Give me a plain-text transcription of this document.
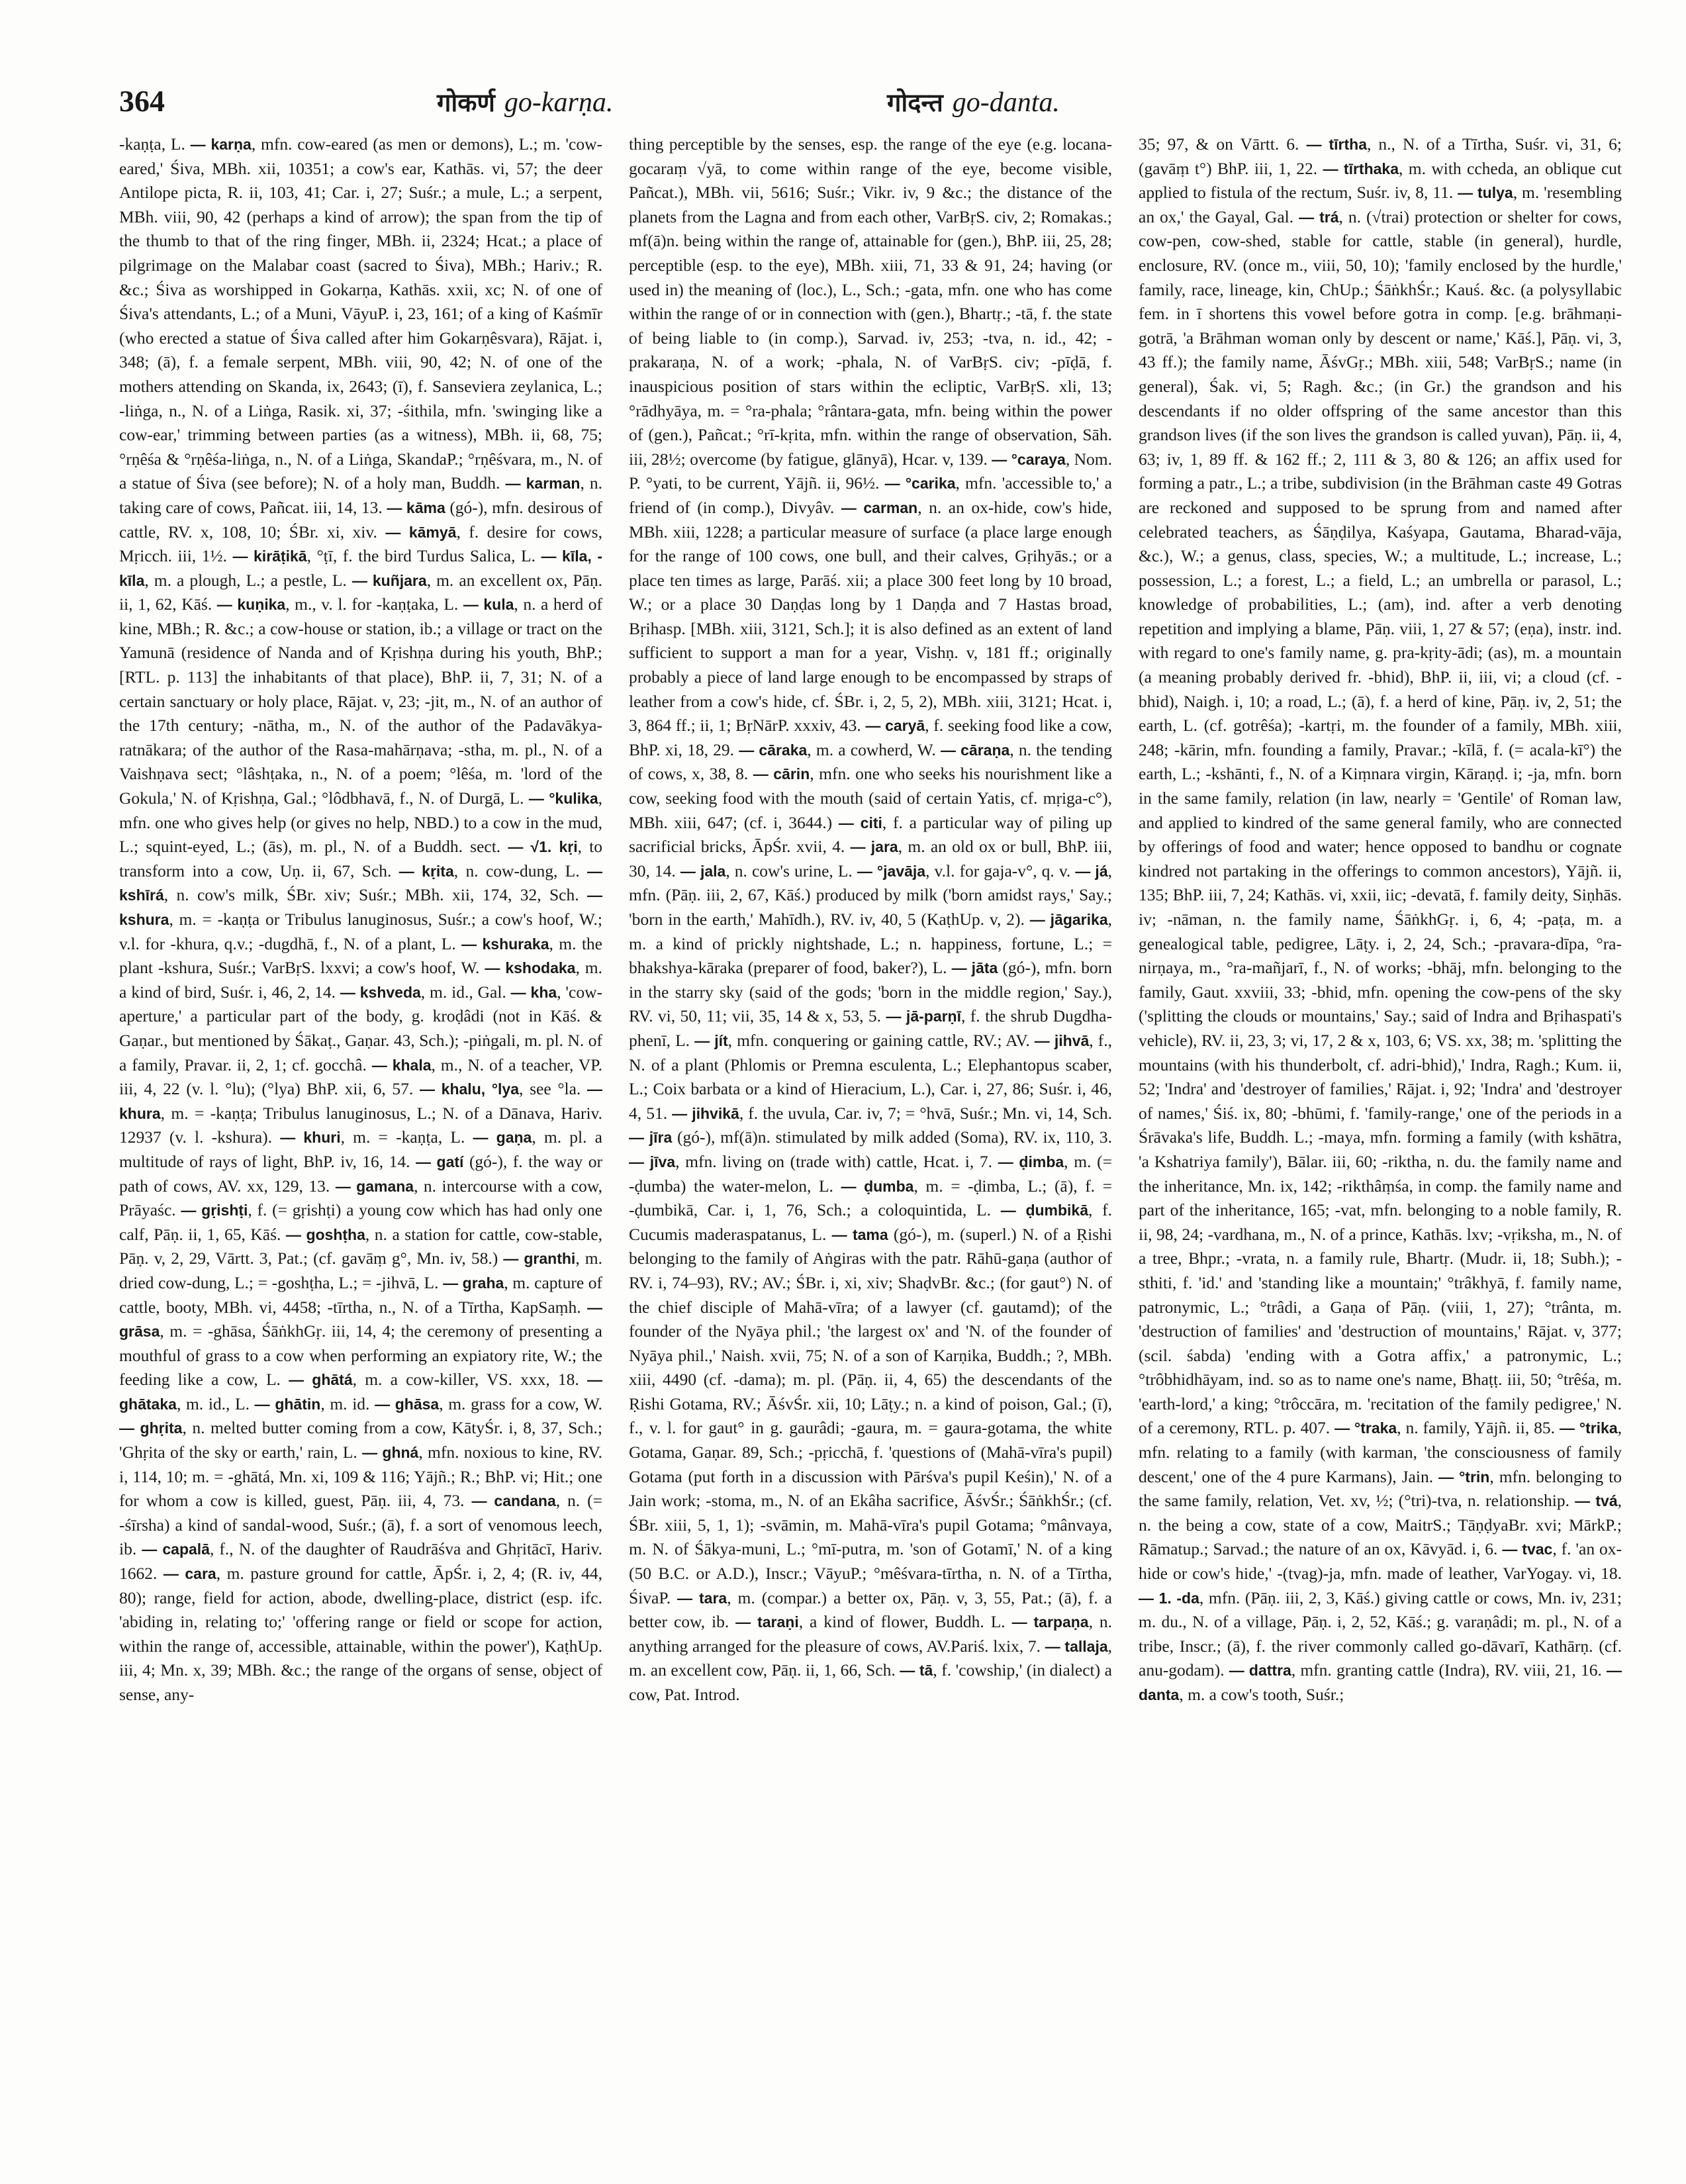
364	गोकर्ण go-karṇa.	गोदन्त go-danta.

-kaṇṭa, L. — karṇa, mfn. cow-eared (as men or demons), L.; m. 'cow-eared,' Śiva, MBh. xii, 10351; a cow's ear, Kathās. vi, 57; the deer Antilope picta, R. ii, 103, 41; Car. i, 27; Suśr.; a mule, L.; a serpent, MBh. viii, 90, 42 (perhaps a kind of arrow); the span from the tip of the thumb to that of the ring finger, MBh. ii, 2324; Hcat.; a place of pilgrimage on the Malabar coast (sacred to Śiva), MBh.; Hariv.; R. &c.; Śiva as worshipped in Gokarṇa, Kathās. xxii, xc; N. of one of Śiva's attendants, L.; of a Muni, VāyuP. i, 23, 161; of a king of Kaśmīr (who erected a statue of Śiva called after him Gokarṇêsvara), Rājat. i, 348; (ā), f. a female serpent, MBh. viii, 90, 42; N. of one of the mothers attending on Skanda, ix, 2643; (ī), f. Sanseviera zeylanica, L.; -liṅga, n., N. of a Liṅga, Rasik. xi, 37; -śithila, mfn. 'swinging like a cow-ear,' trimming between parties (as a witness), MBh. ii, 68, 75; °rṇêśa & °rṇêśa-liṅga, n., N. of a Liṅga, SkandaP.; °rṇêśvara, m., N. of a statue of Śiva (see before); N. of a holy man, Buddh. — karman, n. taking care of cows, Pañcat. iii, 14, 13. — kāma (gó-), mfn. desirous of cattle, RV. x, 108, 10; ŚBr. xi, xiv. — kāmyā, f. desire for cows, Mṛicch. iii, 1½. — kirāṭikā, °ṭī, f. the bird Turdus Salica, L. — kīla, -kīla, m. a plough, L.; a pestle, L. — kuñjara, m. an excellent ox, Pāṇ. ii, 1, 62, Kāś. — kuṇika, m., v. l. for -kaṇṭaka, L. — kula, n. a herd of kine, MBh.; R. &c.; a cow-house or station, ib.; a village or tract on the Yamunā (residence of Nanda and of Kṛishṇa during his youth, BhP.; [RTL. p. 113] the inhabitants of that place), BhP. ii, 7, 31; N. of a certain sanctuary or holy place, Rājat. v, 23; -jit, m., N. of an author of the 17th century; -nātha, m., N. of the author of the Padavākya-ratnākara; of the author of the Rasa-mahārṇava; -stha, m. pl., N. of a Vaishṇava sect; °lâshṭaka, n., N. of a poem; °lêśa, m. 'lord of the Gokula,' N. of Kṛishṇa, Gal.; °lôdbhavā, f., N. of Durgā, L. — °kulika, mfn. one who gives help (or gives no help, NBD.) to a cow in the mud, L.; squint-eyed, L.; (ās), m. pl., N. of a Buddh. sect. — √1. kṛi, to transform into a cow, Uṇ. ii, 67, Sch. — kṛita, n. cow-dung, L. — kshīrá, n. cow's milk, ŚBr. xiv; Suśr.; MBh. xii, 174, 32, Sch. — kshura, m. = -kaṇṭa or Tribulus lanuginosus, Suśr.; a cow's hoof, W.; v.l. for -khura, q.v.; -dugdhā, f., N. of a plant, L. — kshuraka, m. the plant -kshura, Suśr.; VarBṛS. lxxvi; a cow's hoof, W. — kshodaka, m. a kind of bird, Suśr. i, 46, 2, 14. — kshveda, m. id., Gal. — kha, 'cow-aperture,' a particular part of the body, g. kroḍâdi (not in Kāś. & Gaṇar., but mentioned by Śākaṭ., Gaṇar. 43, Sch.); -piṅgali, m. pl. N. of a family, Pravar. ii, 2, 1; cf. gocchâ. — khala, m., N. of a teacher, VP. iii, 4, 22 (v. l. °lu); (°lya) BhP. xii, 6, 57. — khalu, °lya, see °la. — khura, m. = -kaṇṭa; Tribulus lanuginosus, L.; N. of a Dānava, Hariv. 12937 (v. l. -kshura). — khuri, m. = -kaṇṭa, L. — gaṇa, m. pl. a multitude of rays of light, BhP. iv, 16, 14. — gatí (gó-), f. the way or path of cows, AV. xx, 129, 13. — gamana, n. intercourse with a cow, Prāyaśc. — gṛishṭi, f. (= gṛishṭi) a young cow which has had only one calf, Pāṇ. ii, 1, 65, Kāś. — goshṭha, n. a station for cattle, cow-stable, Pāṇ. v, 2, 29, Vārtt. 3, Pat.; (cf. gavāṃ g°, Mn. iv, 58.) — granthi, m. dried cow-dung, L.; = -goshṭha, L.; = -jihvā, L. — graha, m. capture of cattle, booty, MBh. vi, 4458; -tīrtha, n., N. of a Tīrtha, KapSaṃh. — grāsa, m. = -ghāsa, ŚāṅkhGṛ. iii, 14, 4; the ceremony of presenting a mouthful of grass to a cow when performing an expiatory rite, W.; the feeding like a cow, L. — ghātá, m. a cow-killer, VS. xxx, 18. — ghātaka, m. id., L. — ghātin, m. id. — ghāsa, m. grass for a cow, W. — ghṛita, n. melted butter coming from a cow, KātyŚr. i, 8, 37, Sch.; 'Ghṛita of the sky or earth,' rain, L. — ghná, mfn. noxious to kine, RV. i, 114, 10; m. = -ghātá, Mn. xi, 109 & 116; Yājñ.; R.; BhP. vi; Hit.; one for whom a cow is killed, guest, Pāṇ. iii, 4, 73. — candana, n. (= -śīrsha) a kind of sandal-wood, Suśr.; (ā), f. a sort of venomous leech, ib. — capalā, f., N. of the daughter of Raudrāśva and Ghṛitācī, Hariv. 1662. — cara, m. pasture ground for cattle, ĀpŚr. i, 2, 4; (R. iv, 44, 80); range, field for action, abode, dwelling-place, district (esp. ifc. 'abiding in, relating to;' 'offering range or field or scope for action, within the range of, accessible, attainable, within the power'), KaṭhUp. iii, 4; Mn. x, 39; MBh. &c.; the range of the organs of sense, object of sense, any-

thing perceptible by the senses, esp. the range of the eye (e.g. locana-gocaraṃ √yā, to come within range of the eye, become visible, Pañcat.), MBh. vii, 5616; Suśr.; Vikr. iv, 9 &c.; the distance of the planets from the Lagna and from each other, VarBṛS. civ, 2; Romakas.; mf(ā)n. being within the range of, attainable for (gen.), BhP. iii, 25, 28; perceptible (esp. to the eye), MBh. xiii, 71, 33 & 91, 24; having (or used in) the meaning of (loc.), L., Sch.; -gata, mfn. one who has come within the range of or in connection with (gen.), Bhartṛ.; -tā, f. the state of being liable to (in comp.), Sarvad. iv, 253; -tva, n. id., 42; -prakaraṇa, N. of a work; -phala, N. of VarBṛS. civ; -pīḍā, f. inauspicious position of stars within the ecliptic, VarBṛS. xli, 13; °rādhyāya, m. = °ra-phala; °rântara-gata, mfn. being within the power of (gen.), Pañcat.; °rī-kṛita, mfn. within the range of observation, Sāh. iii, 28½; overcome (by fatigue, glānyā), Hcar. v, 139. — °caraya, Nom. P. °yati, to be current, Yājñ. ii, 96½. — °carika, mfn. 'accessible to,' a friend of (in comp.), Divyâv. — carman, n. an ox-hide, cow's hide, MBh. xiii, 1228; a particular measure of surface (a place large enough for the range of 100 cows, one bull, and their calves, Gṛihyās.; or a place ten times as large, Parāś. xii; a place 300 feet long by 10 broad, W.; or a place 30 Daṇḍas long by 1 Daṇḍa and 7 Hastas broad, Bṛihasp. [MBh. xiii, 3121, Sch.]; it is also defined as an extent of land sufficient to support a man for a year, Vishṇ. v, 181 ff.; originally probably a piece of land large enough to be encompassed by straps of leather from a cow's hide, cf. ŚBr. i, 2, 5, 2), MBh. xiii, 3121; Hcat. i, 3, 864 ff.; ii, 1; BṛNārP. xxxiv, 43. — caryā, f. seeking food like a cow, BhP. xi, 18, 29. — cāraka, m. a cowherd, W. — cāraṇa, n. the tending of cows, x, 38, 8. — cārin, mfn. one who seeks his nourishment like a cow, seeking food with the mouth (said of certain Yatis, cf. mṛiga-c°), MBh. xiii, 647; (cf. i, 3644.) — citi, f. a particular way of piling up sacrificial bricks, ĀpŚr. xvii, 4. — jara, m. an old ox or bull, BhP. iii, 30, 14. — jala, n. cow's urine, L. — °javāja, v.l. for gaja-v°, q. v. — já, mfn. (Pāṇ. iii, 2, 67, Kāś.) produced by milk ('born amidst rays,' Say.; 'born in the earth,' Mahīdh.), RV. iv, 40, 5 (KaṭhUp. v, 2). — jāgarika, m. a kind of prickly nightshade, L.; n. happiness, fortune, L.; = bhakshya-kāraka (preparer of food, baker?), L. — jāta (gó-), mfn. born in the starry sky (said of the gods; 'born in the middle region,' Say.), RV. vi, 50, 11; vii, 35, 14 & x, 53, 5. — jā-parṇī, f. the shrub Dugdha-phenī, L. — jít, mfn. conquering or gaining cattle, RV.; AV. — jihvā, f., N. of a plant (Phlomis or Premna esculenta, L.; Elephantopus scaber, L.; Coix barbata or a kind of Hieracium, L.), Car. i, 27, 86; Suśr. i, 46, 4, 51. — jihvikā, f. the uvula, Car. iv, 7; = °hvā, Suśr.; Mn. vi, 14, Sch. — jīra (gó-), mf(ā)n. stimulated by milk added (Soma), RV. ix, 110, 3. — jīva, mfn. living on (trade with) cattle, Hcat. i, 7. — ḍimba, m. (= -ḍumba) the water-melon, L. — ḍumba, m. = -ḍimba, L.; (ā), f. = -ḍumbikā, Car. i, 1, 76, Sch.; a coloquintida, L. — ḍumbikā, f. Cucumis maderaspatanus, L. — tama (gó-), m. (superl.) N. of a Ṛishi belonging to the family of Aṅgiras with the patr. Rāhū-gaṇa (author of RV. i, 74–93), RV.; AV.; ŚBr. i, xi, xiv; ShaḍvBr. &c.; (for gaut°) N. of the chief disciple of Mahā-vīra; of a lawyer (cf. gautamd); of the founder of the Nyāya phil.; 'the largest ox' and 'N. of the founder of Nyāya phil.,' Naish. xvii, 75; N. of a son of Karṇika, Buddh.; ?, MBh. xiii, 4490 (cf. -dama); m. pl. (Pāṇ. ii, 4, 65) the descendants of the Ṛishi Gotama, RV.; ĀśvŚr. xii, 10; Lāṭy.; n. a kind of poison, Gal.; (ī), f., v. l. for gaut° in g. gaurâdi; -gaura, m. = gaura-gotama, the white Gotama, Gaṇar. 89, Sch.; -pṛicchā, f. 'questions of (Mahā-vīra's pupil) Gotama (put forth in a discussion with Pārśva's pupil Keśin),' N. of a Jain work; -stoma, m., N. of an Ekâha sacrifice, ĀśvŚr.; ŚāṅkhŚr.; (cf. ŚBr. xiii, 5, 1, 1); -svāmin, m. Mahā-vīra's pupil Gotama; °mânvaya, m. N. of Śākya-muni, L.; °mī-putra, m. 'son of Gotamī,' N. of a king (50 B.C. or A.D.), Inscr.; VāyuP.; °mêśvara-tīrtha, n. N. of a Tīrtha, ŚivaP. — tara, m. (compar.) a better ox, Pāṇ. v, 3, 55, Pat.; (ā), f. a better cow, ib. — taraṇi, a kind of flower, Buddh. L. — tarpaṇa, n. anything arranged for the pleasure of cows, AV.Pariś. lxix, 7. — tallaja, m. an excellent cow, Pāṇ. ii, 1, 66, Sch. — tā, f. 'cowship,' (in dialect) a cow, Pat. Introd.

35; 97, & on Vārtt. 6. — tīrtha, n., N. of a Tīrtha, Suśr. vi, 31, 6; (gavāṃ t°) BhP. iii, 1, 22. — tīrthaka, m. with ccheda, an oblique cut applied to fistula of the rectum, Suśr. iv, 8, 11. — tulya, m. 'resembling an ox,' the Gayal, Gal. — trá, n. (√trai) protection or shelter for cows, cow-pen, cow-shed, stable for cattle, stable (in general), hurdle, enclosure, RV. (once m., viii, 50, 10); 'family enclosed by the hurdle,' family, race, lineage, kin, ChUp.; ŚāṅkhŚr.; Kauś. &c. (a polysyllabic fem. in ī shortens this vowel before gotra in comp. [e.g. brāhmaṇi-gotrā, 'a Brāhman woman only by descent or name,' Kāś.], Pāṇ. vi, 3, 43 ff.); the family name, ĀśvGṛ.; MBh. xiii, 548; VarBṛS.; name (in general), Śak. vi, 5; Ragh. &c.; (in Gr.) the grandson and his descendants if no older offspring of the same ancestor than this grandson lives (if the son lives the grandson is called yuvan), Pāṇ. ii, 4, 63; iv, 1, 89 ff. & 162 ff.; 2, 111 & 3, 80 & 126; an affix used for forming a patr., L.; a tribe, subdivision (in the Brāhman caste 49 Gotras are reckoned and supposed to be sprung from and named after celebrated teachers, as Śāṇḍilya, Kaśyapa, Gautama, Bharad-vāja, &c.), W.; a genus, class, species, W.; a multitude, L.; increase, L.; possession, L.; a forest, L.; a field, L.; an umbrella or parasol, L.; knowledge of probabilities, L.; (am), ind. after a verb denoting repetition and implying a blame, Pāṇ. viii, 1, 27 & 57; (eṇa), instr. ind. with regard to one's family name, g. pra-kṛity-ādi; (as), m. a mountain (a meaning probably derived fr. -bhid), BhP. ii, iii, vi; a cloud (cf. -bhid), Naigh. i, 10; a road, L.; (ā), f. a herd of kine, Pāṇ. iv, 2, 51; the earth, L. (cf. gotrêśa); -kartṛi, m. the founder of a family, MBh. xiii, 248; -kārin, mfn. founding a family, Pravar.; -kīlā, f. (= acala-kī°) the earth, L.; -kshānti, f., N. of a Kiṃnara virgin, Kāraṇḍ. i; -ja, mfn. born in the same family, relation (in law, nearly = 'Gentile' of Roman law, and applied to kindred of the same general family, who are connected by offerings of food and water; hence opposed to bandhu or cognate kindred not partaking in the offerings to common ancestors), Yājñ. ii, 135; BhP. iii, 7, 24; Kathās. vi, xxii, iic; -devatā, f. family deity, Siṇhās. iv; -nāman, n. the family name, ŚāṅkhGṛ. i, 6, 4; -paṭa, m. a genealogical table, pedigree, Lāṭy. i, 2, 24, Sch.; -pravara-dīpa, °ra-nirṇaya, m., °ra-mañjarī, f., N. of works; -bhāj, mfn. belonging to the family, Gaut. xxviii, 33; -bhid, mfn. opening the cow-pens of the sky ('splitting the clouds or mountains,' Say.; said of Indra and Bṛihaspati's vehicle), RV. ii, 23, 3; vi, 17, 2 & x, 103, 6; VS. xx, 38; m. 'splitting the mountains (with his thunderbolt, cf. adri-bhid),' Indra, Ragh.; Kum. ii, 52; 'Indra' and 'destroyer of families,' Rājat. i, 92; 'Indra' and 'destroyer of names,' Śiś. ix, 80; -bhūmi, f. 'family-range,' one of the periods in a Śrāvaka's life, Buddh. L.; -maya, mfn. forming a family (with kshātra, 'a Kshatriya family'), Bālar. iii, 60; -riktha, n. du. the family name and the inheritance, Mn. ix, 142; -rikthâṃśa, in comp. the family name and part of the inheritance, 165; -vat, mfn. belonging to a noble family, R. ii, 98, 24; -vardhana, m., N. of a prince, Kathās. lxv; -vṛiksha, m., N. of a tree, Bhpr.; -vrata, n. a family rule, Bhartṛ. (Mudr. ii, 18; Subh.); -sthiti, f. 'id.' and 'standing like a mountain;' °trâkhyā, f. family name, patronymic, L.; °trâdi, a Gaṇa of Pāṇ. (viii, 1, 27); °trânta, m. 'destruction of families' and 'destruction of mountains,' Rājat. v, 377; (scil. śabda) 'ending with a Gotra affix,' a patronymic, L.; °trôbhidhāyam, ind. so as to name one's name, Bhaṭṭ. iii, 50; °trêśa, m. 'earth-lord,' a king; °trôccāra, m. 'recitation of the family pedigree,' N. of a ceremony, RTL. p. 407. — °traka, n. family, Yājñ. ii, 85. — °trika, mfn. relating to a family (with karman, 'the consciousness of family descent,' one of the 4 pure Karmans), Jain. — °trin, mfn. belonging to the same family, relation, Vet. xv, ½; (°tri)-tva, n. relationship. — tvá, n. the being a cow, state of a cow, MaitrS.; TāṇḍyaBr. xvi; MārkP.; Rāmatup.; Sarvad.; the nature of an ox, Kāvyād. i, 6. — tvac, f. 'an ox-hide or cow's hide,' -(tvag)-ja, mfn. made of leather, VarYogay. vi, 18. — 1. -da, mfn. (Pāṇ. iii, 2, 3, Kāś.) giving cattle or cows, Mn. iv, 231; m. du., N. of a village, Pāṇ. i, 2, 52, Kāś.; g. varaṇâdi; m. pl., N. of a tribe, Inscr.; (ā), f. the river commonly called go-dāvarī, Kathārṇ. (cf. anu-godam). — dattra, mfn. granting cattle (Indra), RV. viii, 21, 16. — danta, m. a cow's tooth, Suśr.;
